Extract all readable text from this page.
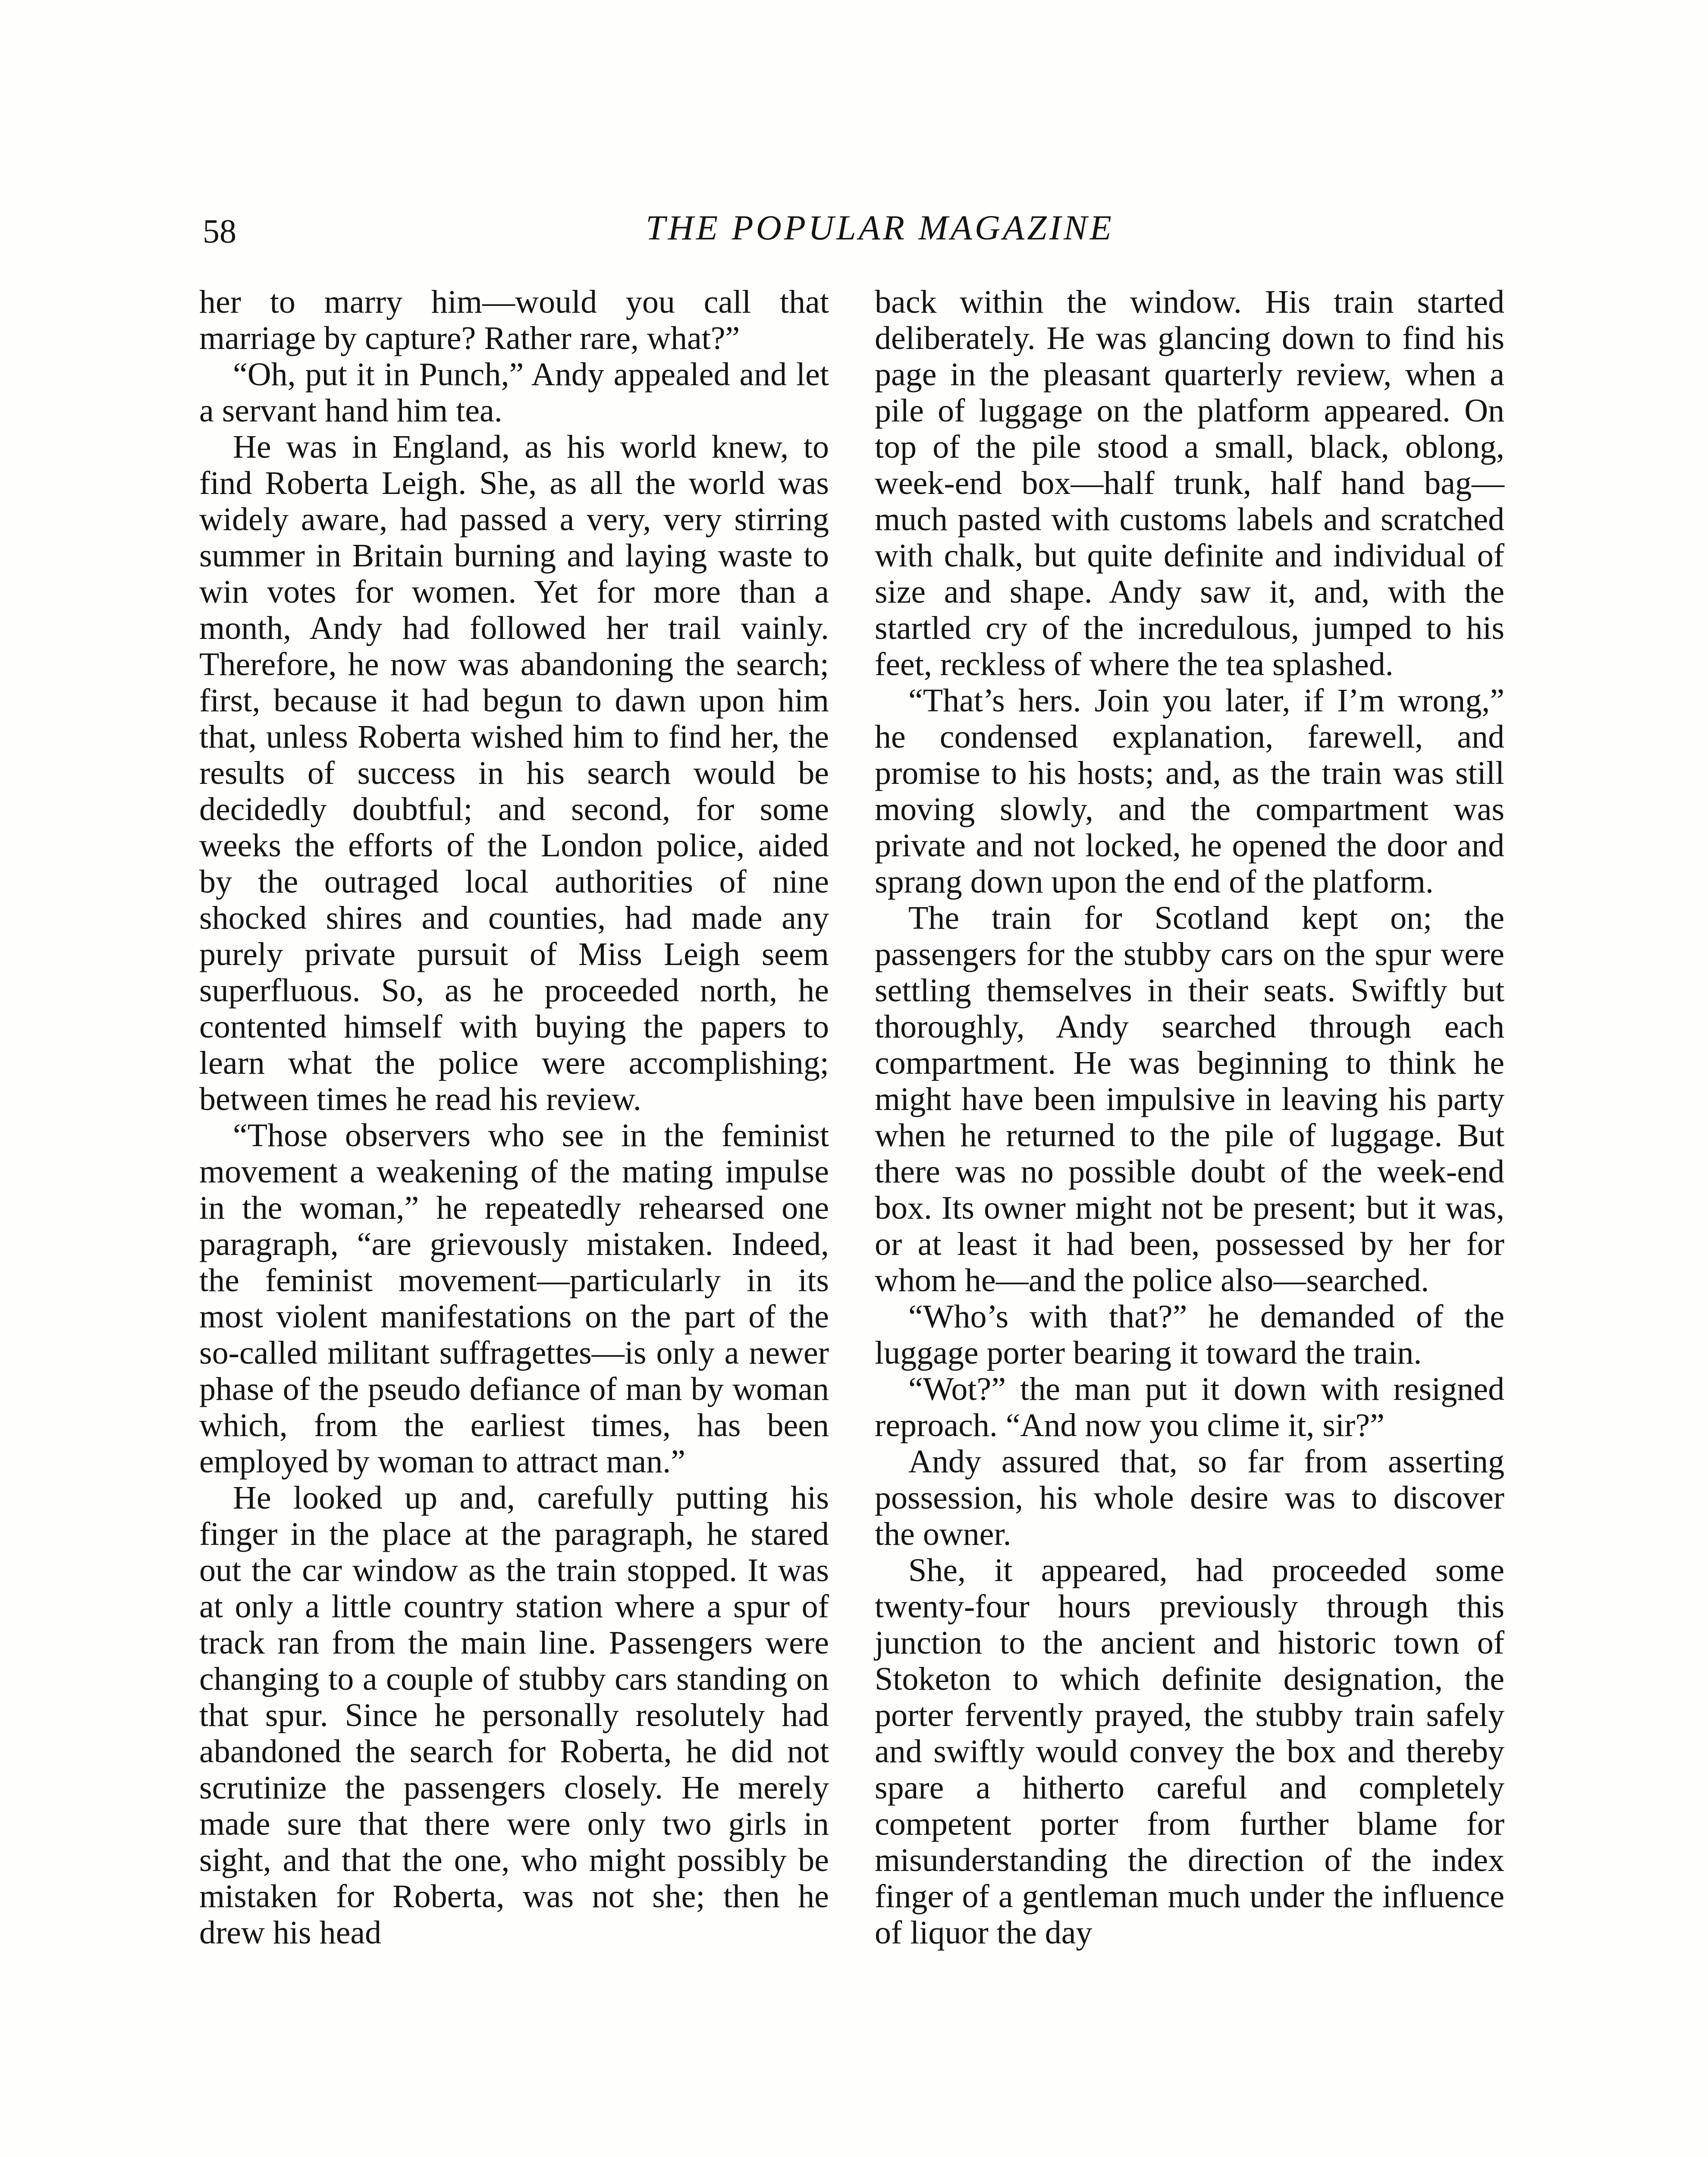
58	THE POPULAR MAGAZINE

her to marry him—would you call that marriage by capture? Rather rare, what?”

“Oh, put it in Punch,” Andy appealed and let a servant hand him tea.

He was in England, as his world knew, to find Roberta Leigh. She, as all the world was widely aware, had passed a very, very stirring summer in Britain burning and laying waste to win votes for women. Yet for more than a month, Andy had followed her trail vainly. Therefore, he now was abandoning the search; first, because it had begun to dawn upon him that, unless Roberta wished him to find her, the results of success in his search would be decidedly doubtful; and second, for some weeks the efforts of the London police, aided by the outraged local authorities of nine shocked shires and counties, had made any purely private pursuit of Miss Leigh seem superfluous. So, as he proceeded north, he contented himself with buying the papers to learn what the police were accomplishing; between times he read his review.

“Those observers who see in the feminist movement a weakening of the mating impulse in the woman,” he repeatedly rehearsed one paragraph, “are grievously mistaken. Indeed, the feminist movement—particularly in its most violent manifestations on the part of the so-called militant suffragettes—is only a newer phase of the pseudo defiance of man by woman which, from the earliest times, has been employed by woman to attract man.”

He looked up and, carefully putting his finger in the place at the paragraph, he stared out the car window as the train stopped. It was at only a little country station where a spur of track ran from the main line. Passengers were changing to a couple of stubby cars standing on that spur. Since he personally resolutely had abandoned the search for Roberta, he did not scrutinize the passengers closely. He merely made sure that there were only two girls in sight, and that the one, who might possibly be mistaken for Roberta, was not she; then he drew his head

back within the window. His train started deliberately. He was glancing down to find his page in the pleasant quarterly review, when a pile of luggage on the platform appeared. On top of the pile stood a small, black, oblong, week-end box—half trunk, half hand bag—much pasted with customs labels and scratched with chalk, but quite definite and individual of size and shape. Andy saw it, and, with the startled cry of the incredulous, jumped to his feet, reckless of where the tea splashed.

“That’s hers. Join you later, if I’m wrong,” he condensed explanation, farewell, and promise to his hosts; and, as the train was still moving slowly, and the compartment was private and not locked, he opened the door and sprang down upon the end of the platform.

The train for Scotland kept on; the passengers for the stubby cars on the spur were settling themselves in their seats. Swiftly but thoroughly, Andy searched through each compartment. He was beginning to think he might have been impulsive in leaving his party when he returned to the pile of luggage. But there was no possible doubt of the week-end box. Its owner might not be present; but it was, or at least it had been, possessed by her for whom he—and the police also—searched.

“Who’s with that?” he demanded of the luggage porter bearing it toward the train.

“Wot?” the man put it down with resigned reproach. “And now you clime it, sir?”

Andy assured that, so far from asserting possession, his whole desire was to discover the owner.

She, it appeared, had proceeded some twenty-four hours previously through this junction to the ancient and historic town of Stoketon to which definite designation, the porter fervently prayed, the stubby train safely and swiftly would convey the box and thereby spare a hitherto careful and completely competent porter from further blame for misunderstanding the direction of the index finger of a gentleman much under the influence of liquor the day
